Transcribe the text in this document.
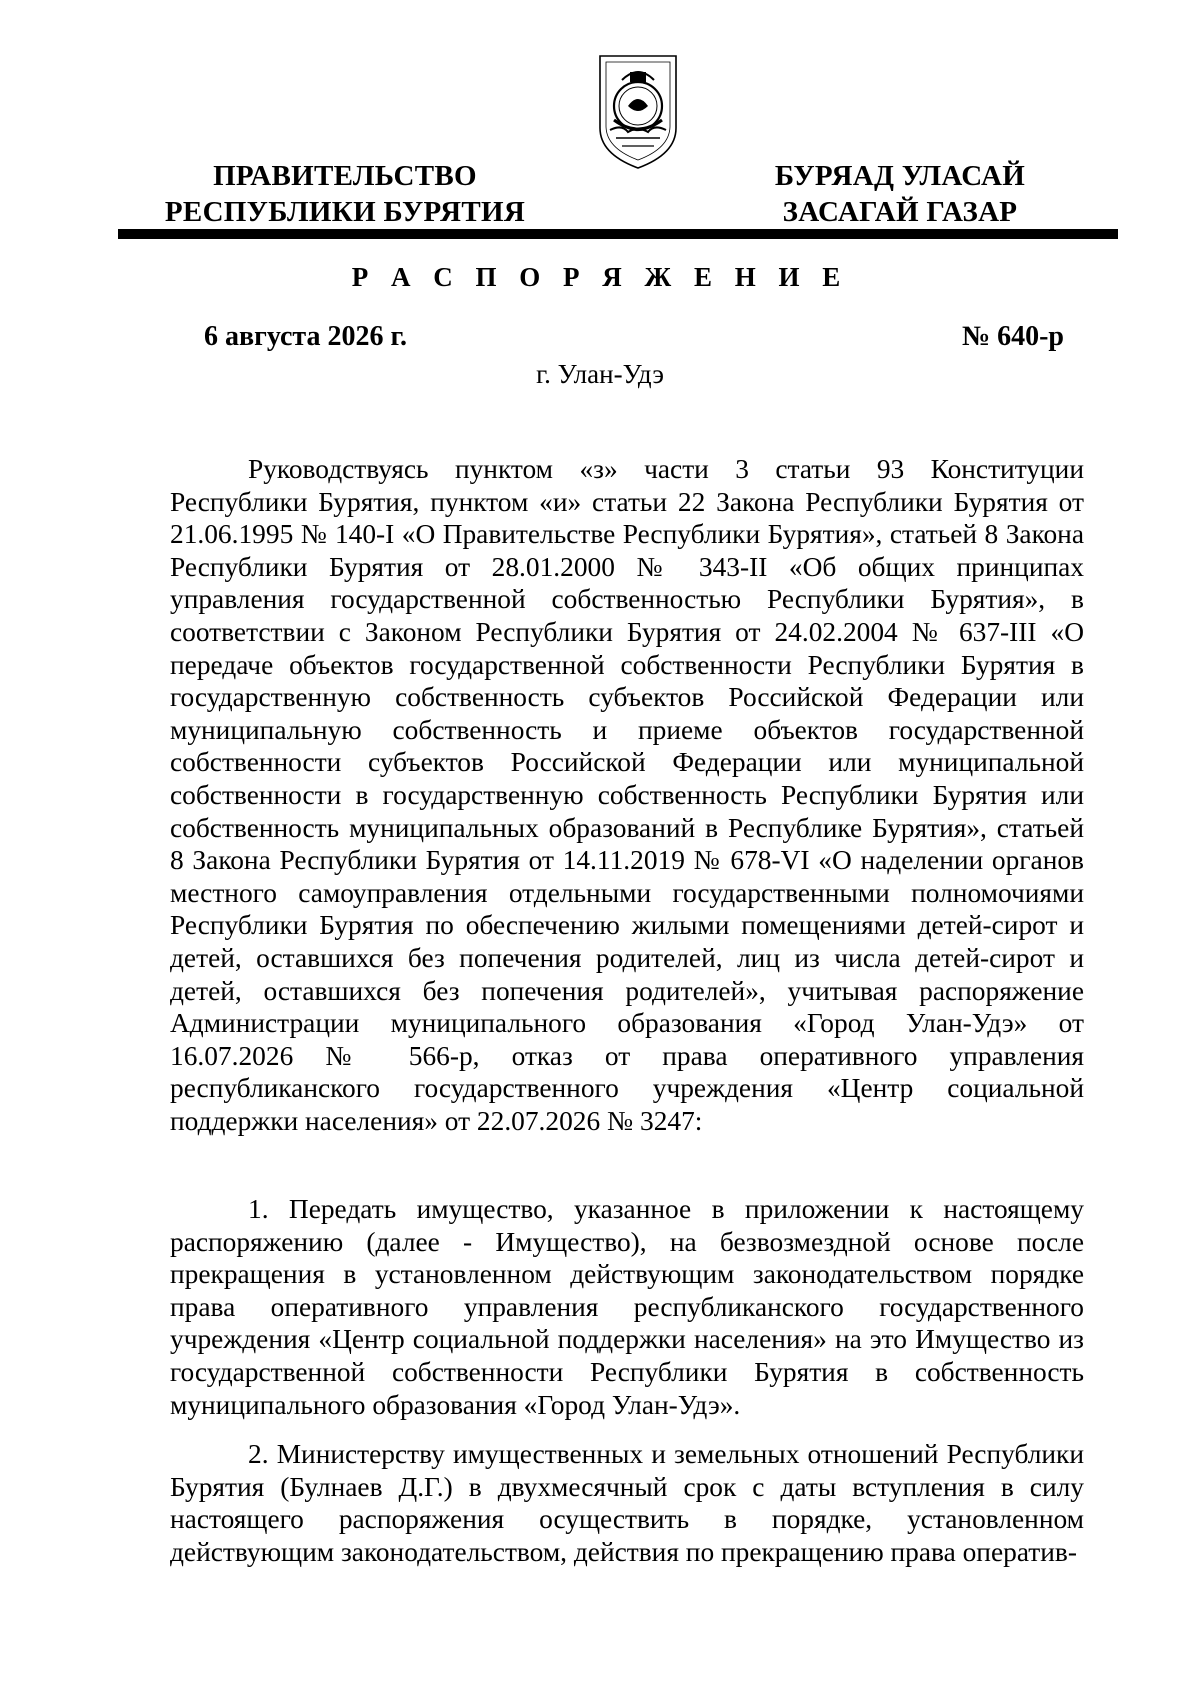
ПРАВИТЕЛЬСТВО
РЕСПУБЛИКИ БУРЯТИЯ
БУРЯАД УЛАСАЙ
ЗАСАГАЙ ГАЗАР
Р А С П О Р Я Ж Е Н И Е
6 августа 2026 г.	№ 640-р
г. Улан-Удэ

Руководствуясь пунктом «з» части 3 статьи 93 Конституции Республики Бурятия, пунктом «и» статьи 22 Закона Республики Бурятия от 21.06.1995 № 140-I «О Правительстве Республики Бурятия», статьей 8 Закона Республики Бурятия от 28.01.2000 № 343-II «Об общих принципах управления государственной собственностью Республики Бурятия», в соответствии с Законом Республики Бурятия от 24.02.2004 № 637-III «О передаче объектов государственной собственности Республики Бурятия в государственную собственность субъектов Российской Федерации или муниципальную собственность и приеме объектов государственной собственности субъектов Российской Федерации или муниципальной собственности в государственную собственность Республики Бурятия или собственность муниципальных образований в Республике Бурятия», статьей 8 Закона Республики Бурятия от 14.11.2019 № 678-VI «О наделении органов местного самоуправления отдельными государственными полномочиями Республики Бурятия по обеспечению жилыми помещениями детей-сирот и детей, оставшихся без попечения родителей, лиц из числа детей-сирот и детей, оставшихся без попечения родителей», учитывая распоряжение Администрации муниципального образования «Город Улан-Удэ» от 16.07.2026 № 566-р, отказ от права оперативного управления республиканского государственного учреждения «Центр социальной поддержки населения» от 22.07.2026 № 3247:

1. Передать имущество, указанное в приложении к настоящему распоряжению (далее - Имущество), на безвозмездной основе после прекращения в установленном действующим законодательством порядке права оперативного управления республиканского государственного учреждения «Центр социальной поддержки населения» на это Имущество из государственной собственности Республики Бурятия в собственность муниципального образования «Город Улан-Удэ».

2. Министерству имущественных и земельных отношений Республики Бурятия (Булнаев Д.Г.) в двухмесячный срок с даты вступления в силу настоящего распоряжения осуществить в порядке, установленном действующим законодательством, действия по прекращению права оператив-
